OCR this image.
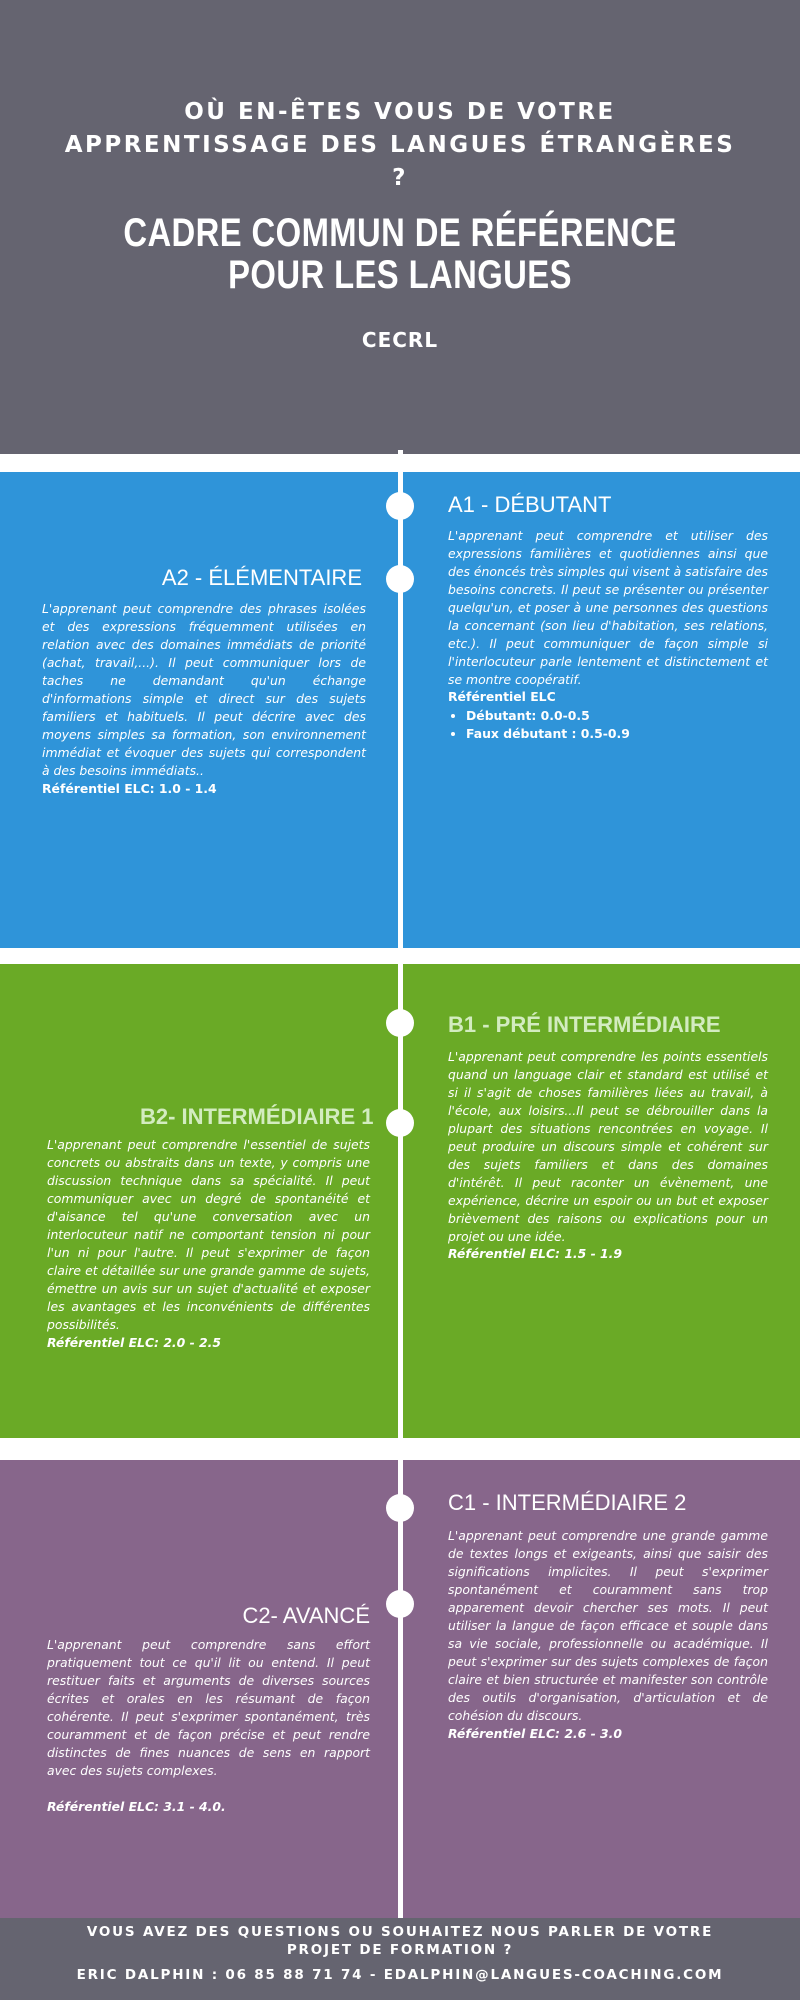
OÙ EN-ÊTES VOUS DE VOTRE APPRENTISSAGE DES LANGUES ÉTRANGÈRES ?
CADRE COMMUN DE RÉFÉRENCE POUR LES LANGUES
CECRL
A1 - DÉBUTANT
L'apprenant peut comprendre et utiliser des expressions familières et quotidiennes ainsi que des énoncés très simples qui visent à satisfaire des besoins concrets. Il peut se présenter ou présenter quelqu'un, et poser à une personnes des questions la concernant (son lieu d'habitation, ses relations, etc.). Il peut communiquer de façon simple si l'interlocuteur parle lentement et distinctement et se montre coopératif.
Référentiel ELC
• Débutant: 0.0-0.5
• Faux débutant : 0.5-0.9
A2 - ÉLÉMENTAIRE
L'apprenant peut comprendre des phrases isolées et des expressions fréquemment utilisées en relation avec des domaines immédiats de priorité (achat, travail,...). Il peut communiquer lors de taches ne demandant qu'un échange d'informations simple et direct sur des sujets familiers et habituels. Il peut décrire avec des moyens simples sa formation, son environnement immédiat et évoquer des sujets qui correspondent à des besoins immédiats..
Référentiel ELC: 1.0 - 1.4
B1 - PRÉ INTERMÉDIAIRE
L'apprenant peut comprendre les points essentiels quand un language clair et standard est utilisé et si il s'agit de choses familières liées au travail, à l'école, aux loisirs...Il peut se débrouiller dans la plupart des situations rencontrées en voyage. Il peut produire un discours simple et cohérent sur des sujets familiers et dans des domaines d'intérêt. Il peut raconter un évènement, une expérience, décrire un espoir ou un but et exposer brièvement des raisons ou explications pour un projet ou une idée.
Référentiel ELC: 1.5 - 1.9
B2- INTERMÉDIAIRE 1
L'apprenant peut comprendre l'essentiel de sujets concrets ou abstraits dans un texte, y compris une discussion technique dans sa spécialité. Il peut communiquer avec un degré de spontanéité et d'aisance tel qu'une conversation avec un interlocuteur natif ne comportant tension ni pour l'un ni pour l'autre. Il peut s'exprimer de façon claire et détaillée sur une grande gamme de sujets, émettre un avis sur un sujet d'actualité et exposer les avantages et les inconvénients de différentes possibilités.
Référentiel ELC: 2.0 - 2.5
C1 - INTERMÉDIAIRE 2
L'apprenant peut comprendre une grande gamme de textes longs et exigeants, ainsi que saisir des significations implicites. Il peut s'exprimer spontanément et couramment sans trop apparement devoir chercher ses mots. Il peut utiliser la langue de façon efficace et souple dans sa vie sociale, professionnelle ou académique. Il peut s'exprimer sur des sujets complexes de façon claire et bien structurée et manifester son contrôle des outils d'organisation, d'articulation et de cohésion du discours.
Référentiel ELC: 2.6 - 3.0
C2- AVANCÉ
L'apprenant peut comprendre sans effort pratiquement tout ce qu'il lit ou entend. Il peut restituer faits et arguments de diverses sources écrites et orales en les résumant de façon cohérente. Il peut s'exprimer spontanément, très couramment et de façon précise et peut rendre distinctes de fines nuances de sens en rapport avec des sujets complexes.
Référentiel ELC: 3.1 - 4.0.
VOUS AVEZ DES QUESTIONS OU SOUHAITEZ NOUS PARLER DE VOTRE PROJET DE FORMATION ?
ERIC DALPHIN : 06 85 88 71 74 - EDALPHIN@LANGUES-COACHING.COM
